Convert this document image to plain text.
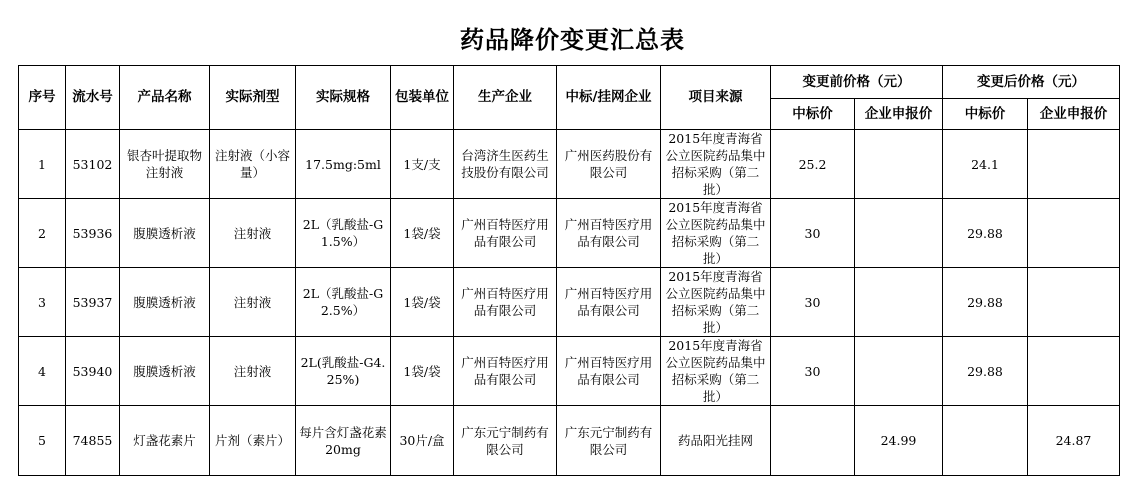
药品降价变更汇总表
序号	流水号	产品名称	实际剂型	实际规格	包装单位	生产企业	中标/挂网企业	项目来源	变更前价格（元）		变更后价格（元）	
									中标价	企业申报价	中标价	企业申报价
1	53102	银杏叶提取物注射液	注射液（小容量）	17.5mg:5ml	1支/支	台湾济生医药生技股份有限公司	广州医药股份有限公司	2015年度青海省公立医院药品集中招标采购（第二批）	25.2		24.1	
2	53936	腹膜透析液	注射液	2L（乳酸盐-G1.5%）	1袋/袋	广州百特医疗用品有限公司	广州百特医疗用品有限公司	2015年度青海省公立医院药品集中招标采购（第二批）	30		29.88	
3	53937	腹膜透析液	注射液	2L（乳酸盐-G2.5%）	1袋/袋	广州百特医疗用品有限公司	广州百特医疗用品有限公司	2015年度青海省公立医院药品集中招标采购（第二批）	30		29.88	
4	53940	腹膜透析液	注射液	2L(乳酸盐-G4.25%)	1袋/袋	广州百特医疗用品有限公司	广州百特医疗用品有限公司	2015年度青海省公立医院药品集中招标采购（第二批）	30		29.88	
5	74855	灯盏花素片	片剂（素片）	每片含灯盏花素20mg	30片/盒	广东元宁制药有限公司	广东元宁制药有限公司	药品阳光挂网		24.99		24.87
